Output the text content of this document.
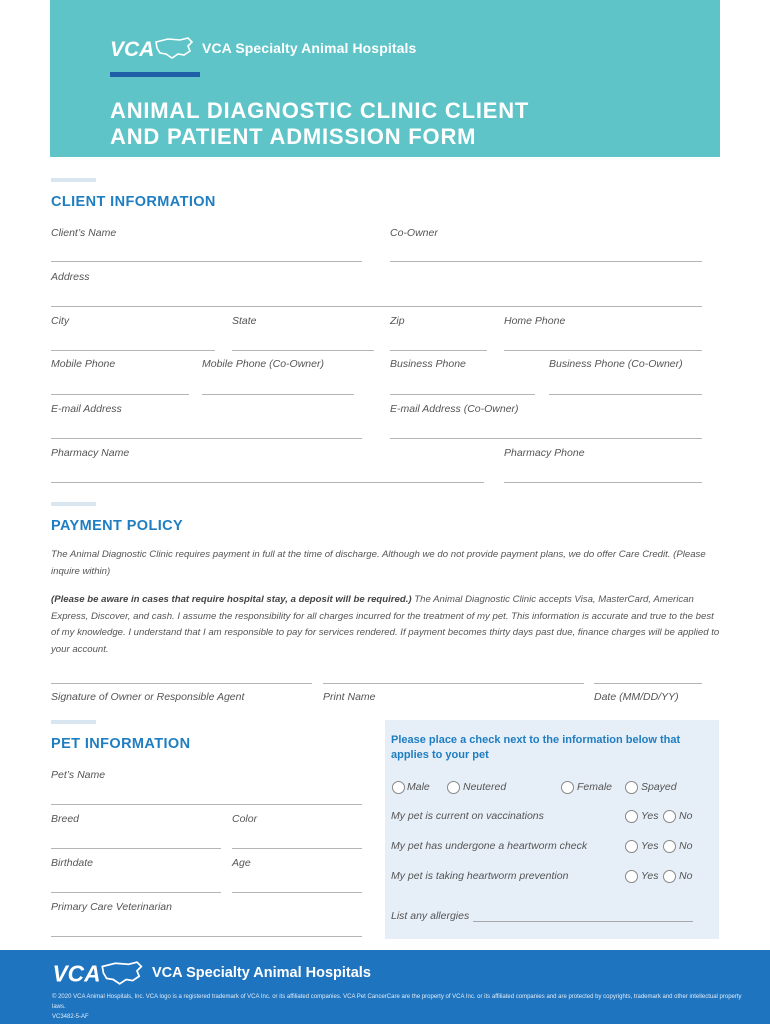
VCA	VCA Specialty Animal Hospitals
ANIMAL DIAGNOSTIC CLINIC CLIENT
AND PATIENT ADMISSION FORM
CLIENT INFORMATION
Client’s Name	Co-Owner
Address
City	State	Zip	Home Phone
Mobile Phone	Mobile Phone (Co-Owner)	Business Phone	Business Phone (Co-Owner)
E-mail Address	E-mail Address (Co-Owner)
Pharmacy Name	Pharmacy Phone
PAYMENT POLICY
The Animal Diagnostic Clinic requires payment in full at the time of discharge. Although we do not provide payment plans, we do offer Care Credit. (Please inquire within)
(Please be aware in cases that require hospital stay, a deposit will be required.) The Animal Diagnostic Clinic accepts Visa, MasterCard, American Express, Discover, and cash. I assume the responsibility for all charges incurred for the treatment of my pet. This information is accurate and true to the best of my knowledge. I understand that I am responsible to pay for services rendered. If payment becomes thirty days past due, finance charges will be applied to your account.
Signature of Owner or Responsible Agent	Print Name	Date (MM/DD/YY)
PET INFORMATION
Pet’s Name
Breed	Color
Birthdate	Age
Primary Care Veterinarian
Please place a check next to the information below that applies to your pet
Male	Neutered	Female	Spayed
My pet is current on vaccinations	Yes No
My pet has undergone a heartworm check	Yes No
My pet is taking heartworm prevention	Yes No
List any allergies
VCA	VCA Specialty Animal Hospitals
© 2020 VCA Animal Hospitals, Inc. VCA logo is a registered trademark of VCA Inc. or its affiliated companies. VCA Pet CancerCare are the property of VCA Inc. or its affiliated companies and are protected by copyrights, trademark and other intellectual property laws.
VC3482-5-AF
